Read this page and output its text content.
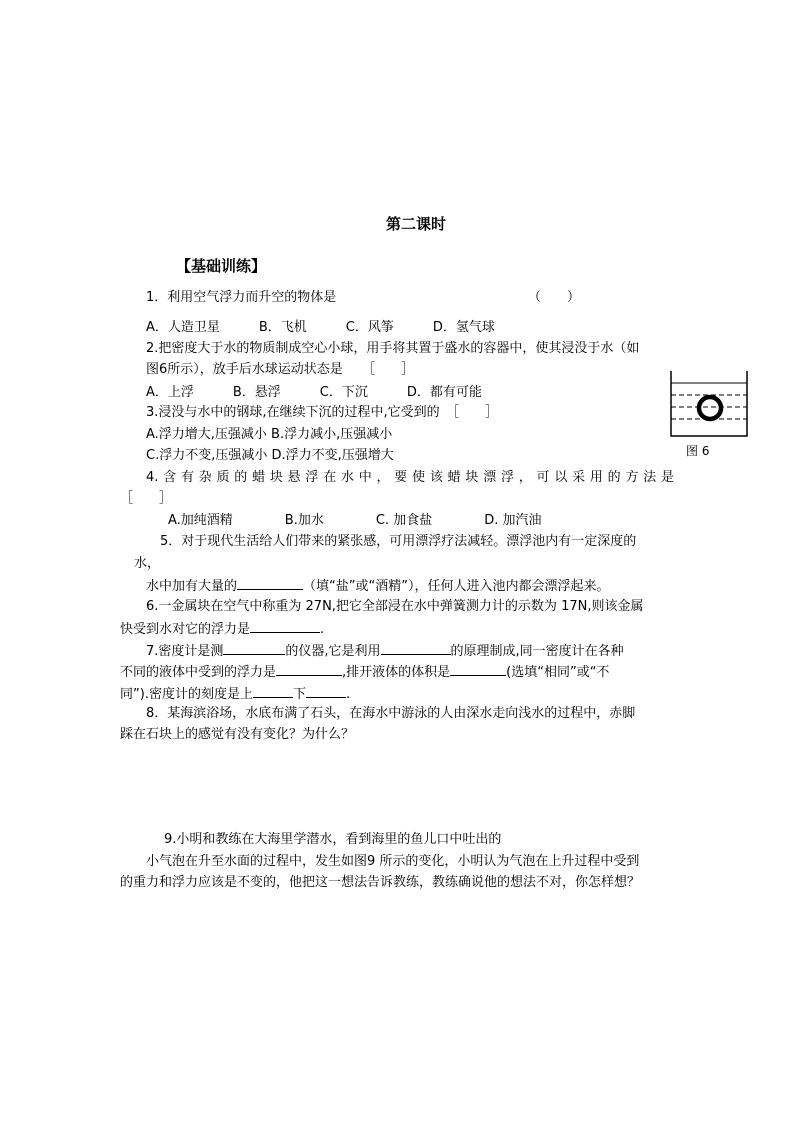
第二课时
【基础训练】
1．利用空气浮力而升空的物体是	（　　）
A．人造卫星　　　B．飞机　　　C．风筝　　　D．氢气球
2.把密度大于水的物质制成空心小球，用手将其置于盛水的容器中，使其浸没于水（如
图6所示），放手后水球运动状态是　　［　　］
A．上浮　　　B．悬浮　　　C．下沉　　　D．都有可能
图 6
3.浸没与水中的钢球,在继续下沉的过程中,它受到的　［　　］
A.浮力增大,压强减小 B.浮力减小,压强减小
C.浮力不变,压强减小 D.浮力不变,压强增大
4.含有杂质的蜡块悬浮在水中，要使该蜡块漂浮，可以采用的方法是
［　　］
A.加纯酒精　　　　B.加水　　　　C. 加食盐　　　　D. 加汽油
5．对于现代生活给人们带来的紧张感，可用漂浮疗法减轻。漂浮池内有一定深度的
水，
水中加有大量的	（填“盐”或“酒精”），任何人进入池内都会漂浮起来。
6.一金属块在空气中称重为 27N,把它全部浸在水中弹簧测力计的示数为 17N,则该金属
快受到水对它的浮力是	.
7.密度计是测	的仪器,它是利用	的原理制成,同一密度计在各种
不同的液体中受到的浮力是	,排开液体的体积是	(选填“相同”或“不
同”).密度计的刻度是上	下	.
8．某海滨浴场，水底布满了石头，在海水中游泳的人由深水走向浅水的过程中，赤脚
踩在石块上的感觉有没有变化？为什么？
9.小明和教练在大海里学潜水，看到海里的鱼儿口中吐出的
小气泡在升至水面的过程中，发生如图9 所示的变化，小明认为气泡在上升过程中受到
的重力和浮力应该是不变的，他把这一想法告诉教练，教练确说他的想法不对，你怎样想？
